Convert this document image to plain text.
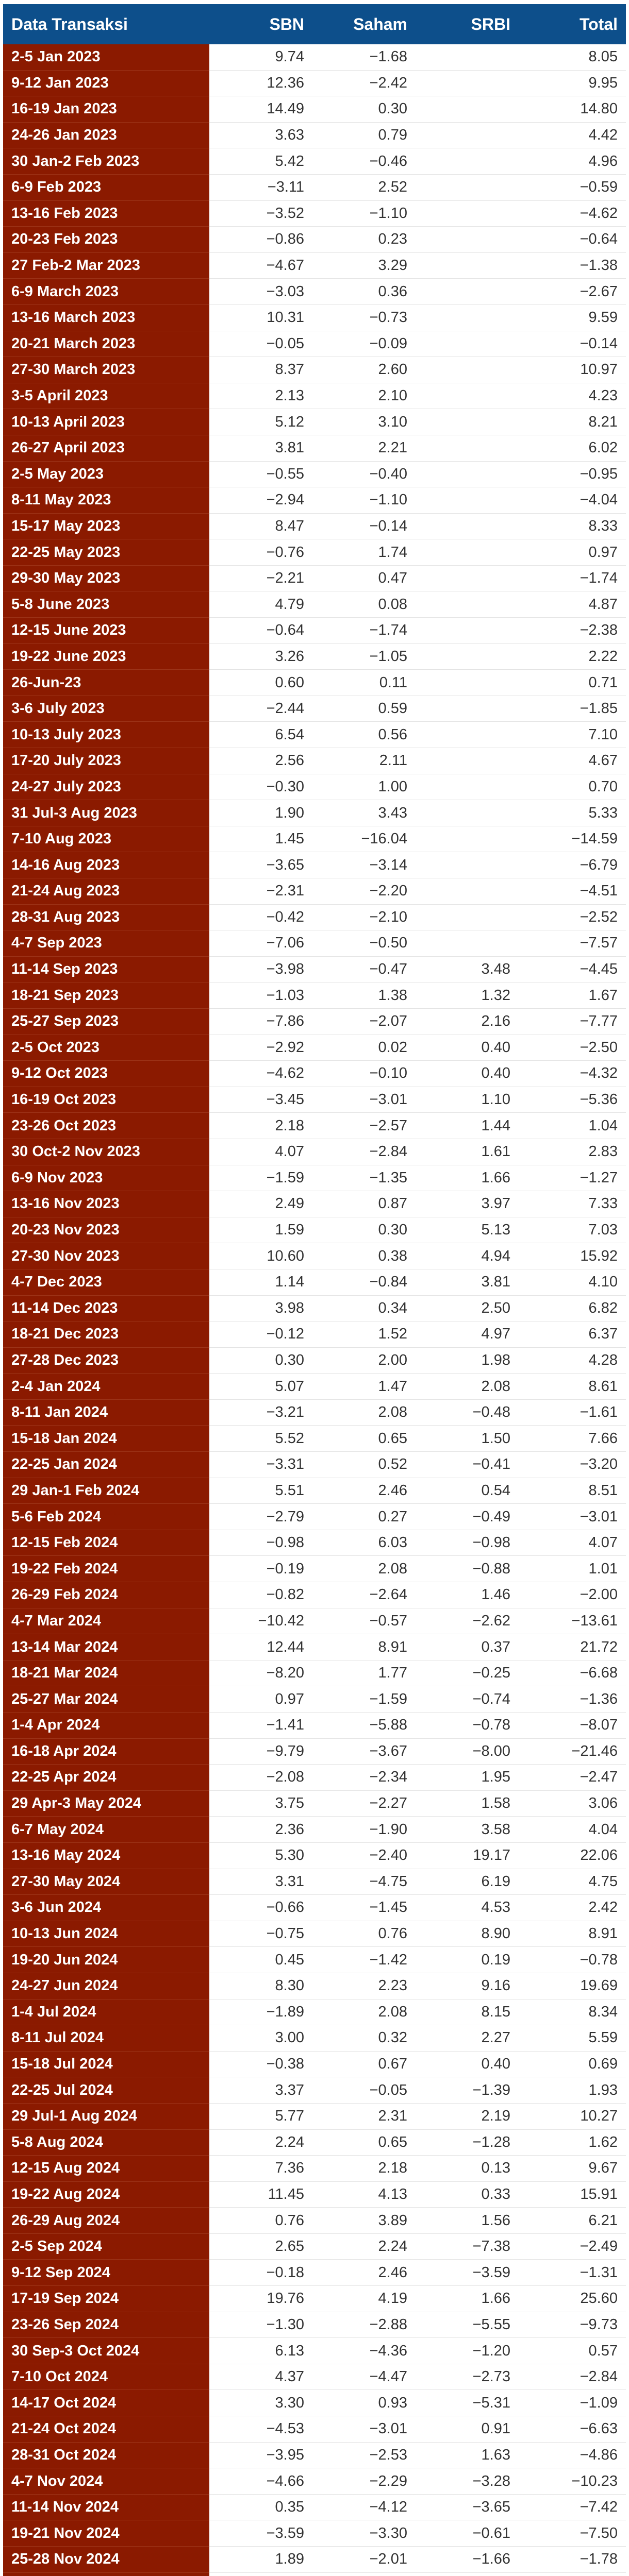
Data Transaksi	SBN	Saham	SRBI	Total
2-5 Jan 2023	9.74	−1.68		8.05
9-12 Jan 2023	12.36	−2.42		9.95
16-19 Jan 2023	14.49	0.30		14.80
24-26 Jan 2023	3.63	0.79		4.42
30 Jan-2 Feb 2023	5.42	−0.46		4.96
6-9 Feb 2023	−3.11	2.52		−0.59
13-16 Feb 2023	−3.52	−1.10		−4.62
20-23 Feb 2023	−0.86	0.23		−0.64
27 Feb-2 Mar 2023	−4.67	3.29		−1.38
6-9 March 2023	−3.03	0.36		−2.67
13-16 March 2023	10.31	−0.73		9.59
20-21 March 2023	−0.05	−0.09		−0.14
27-30 March 2023	8.37	2.60		10.97
3-5 April 2023	2.13	2.10		4.23
10-13 April 2023	5.12	3.10		8.21
26-27 April 2023	3.81	2.21		6.02
2-5 May 2023	−0.55	−0.40		−0.95
8-11 May 2023	−2.94	−1.10		−4.04
15-17 May 2023	8.47	−0.14		8.33
22-25 May 2023	−0.76	1.74		0.97
29-30 May 2023	−2.21	0.47		−1.74
5-8 June 2023	4.79	0.08		4.87
12-15 June 2023	−0.64	−1.74		−2.38
19-22 June 2023	3.26	−1.05		2.22
26-Jun-23	0.60	0.11		0.71
3-6 July 2023	−2.44	0.59		−1.85
10-13 July 2023	6.54	0.56		7.10
17-20 July 2023	2.56	2.11		4.67
24-27 July 2023	−0.30	1.00		0.70
31 Jul-3 Aug 2023	1.90	3.43		5.33
7-10 Aug 2023	1.45	−16.04		−14.59
14-16 Aug 2023	−3.65	−3.14		−6.79
21-24 Aug 2023	−2.31	−2.20		−4.51
28-31 Aug 2023	−0.42	−2.10		−2.52
4-7 Sep 2023	−7.06	−0.50		−7.57
11-14 Sep 2023	−3.98	−0.47	3.48	−4.45
18-21 Sep 2023	−1.03	1.38	1.32	1.67
25-27 Sep 2023	−7.86	−2.07	2.16	−7.77
2-5 Oct 2023	−2.92	0.02	0.40	−2.50
9-12 Oct 2023	−4.62	−0.10	0.40	−4.32
16-19 Oct 2023	−3.45	−3.01	1.10	−5.36
23-26 Oct 2023	2.18	−2.57	1.44	1.04
30 Oct-2 Nov 2023	4.07	−2.84	1.61	2.83
6-9 Nov 2023	−1.59	−1.35	1.66	−1.27
13-16 Nov 2023	2.49	0.87	3.97	7.33
20-23 Nov 2023	1.59	0.30	5.13	7.03
27-30 Nov 2023	10.60	0.38	4.94	15.92
4-7 Dec 2023	1.14	−0.84	3.81	4.10
11-14 Dec 2023	3.98	0.34	2.50	6.82
18-21 Dec 2023	−0.12	1.52	4.97	6.37
27-28 Dec 2023	0.30	2.00	1.98	4.28
2-4 Jan 2024	5.07	1.47	2.08	8.61
8-11 Jan 2024	−3.21	2.08	−0.48	−1.61
15-18 Jan 2024	5.52	0.65	1.50	7.66
22-25 Jan 2024	−3.31	0.52	−0.41	−3.20
29 Jan-1 Feb 2024	5.51	2.46	0.54	8.51
5-6 Feb 2024	−2.79	0.27	−0.49	−3.01
12-15 Feb 2024	−0.98	6.03	−0.98	4.07
19-22 Feb 2024	−0.19	2.08	−0.88	1.01
26-29 Feb 2024	−0.82	−2.64	1.46	−2.00
4-7 Mar 2024	−10.42	−0.57	−2.62	−13.61
13-14 Mar 2024	12.44	8.91	0.37	21.72
18-21 Mar 2024	−8.20	1.77	−0.25	−6.68
25-27 Mar 2024	0.97	−1.59	−0.74	−1.36
1-4 Apr 2024	−1.41	−5.88	−0.78	−8.07
16-18 Apr 2024	−9.79	−3.67	−8.00	−21.46
22-25 Apr 2024	−2.08	−2.34	1.95	−2.47
29 Apr-3 May 2024	3.75	−2.27	1.58	3.06
6-7 May 2024	2.36	−1.90	3.58	4.04
13-16 May 2024	5.30	−2.40	19.17	22.06
27-30 May 2024	3.31	−4.75	6.19	4.75
3-6 Jun 2024	−0.66	−1.45	4.53	2.42
10-13 Jun 2024	−0.75	0.76	8.90	8.91
19-20 Jun 2024	0.45	−1.42	0.19	−0.78
24-27 Jun 2024	8.30	2.23	9.16	19.69
1-4 Jul 2024	−1.89	2.08	8.15	8.34
8-11 Jul 2024	3.00	0.32	2.27	5.59
15-18 Jul 2024	−0.38	0.67	0.40	0.69
22-25 Jul 2024	3.37	−0.05	−1.39	1.93
29 Jul-1 Aug 2024	5.77	2.31	2.19	10.27
5-8 Aug 2024	2.24	0.65	−1.28	1.62
12-15 Aug 2024	7.36	2.18	0.13	9.67
19-22 Aug 2024	11.45	4.13	0.33	15.91
26-29 Aug 2024	0.76	3.89	1.56	6.21
2-5 Sep 2024	2.65	2.24	−7.38	−2.49
9-12 Sep 2024	−0.18	2.46	−3.59	−1.31
17-19 Sep 2024	19.76	4.19	1.66	25.60
23-26 Sep 2024	−1.30	−2.88	−5.55	−9.73
30 Sep-3 Oct 2024	6.13	−4.36	−1.20	0.57
7-10 Oct 2024	4.37	−4.47	−2.73	−2.84
14-17 Oct 2024	3.30	0.93	−5.31	−1.09
21-24 Oct 2024	−4.53	−3.01	0.91	−6.63
28-31 Oct 2024	−3.95	−2.53	1.63	−4.86
4-7 Nov 2024	−4.66	−2.29	−3.28	−10.23
11-14 Nov 2024	0.35	−4.12	−3.65	−7.42
19-21 Nov 2024	−3.59	−3.30	−0.61	−7.50
25-28 Nov 2024	1.89	−2.01	−1.66	−1.78
